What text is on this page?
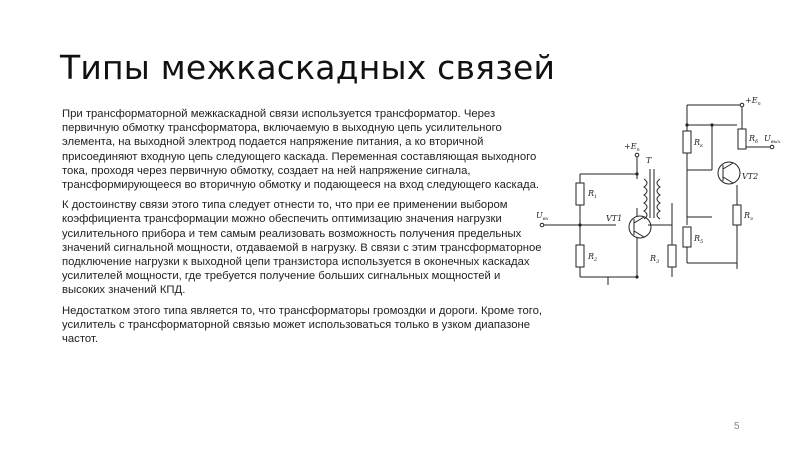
Типы межкаскадных связей

При трансформаторной межкаскадной связи используется трансформатор. Через первичную обмотку трансформатора, включаемую в выходную цепь усилительного элемента, на выходной электрод подается напряжение питания, а ко вторичной присоединяют входную цепь следующего каскада. Переменная составляющая выходного тока, проходя через первичную обмотку, создает на ней напряжение сигнала, трансформирующееся во вторичную обмотку и подающееся на вход следующего каскада.

К достоинству связи этого типа следует отнести то, что при ее применении выбором коэффициента трансформации можно обеспечить оптимизацию значения нагрузки усилительного прибора и тем самым реализовать возможность получения предельных значений сигнальной мощности, отдаваемой в нагрузку. В связи с этим трансформаторное подключение нагрузки к выходной цепи транзистора используется в оконечных каскадах усилителей мощности, где требуется получение больших сигнальных мощностей и высоких значений КПД.

Недостатком этого типа является то, что трансформаторы громоздки и дороги. Кроме того, усилитель с трансформаторной связью может использоваться только в узком диапазоне частот.

$+E_п$
$+E_п$
$R_1$
$R_2$	$R_3$
$R_к$
$R_б$
$R_э$
$R_5$
T
VT1
VT2
$U_{вх}$
$U_{вых}$
5
